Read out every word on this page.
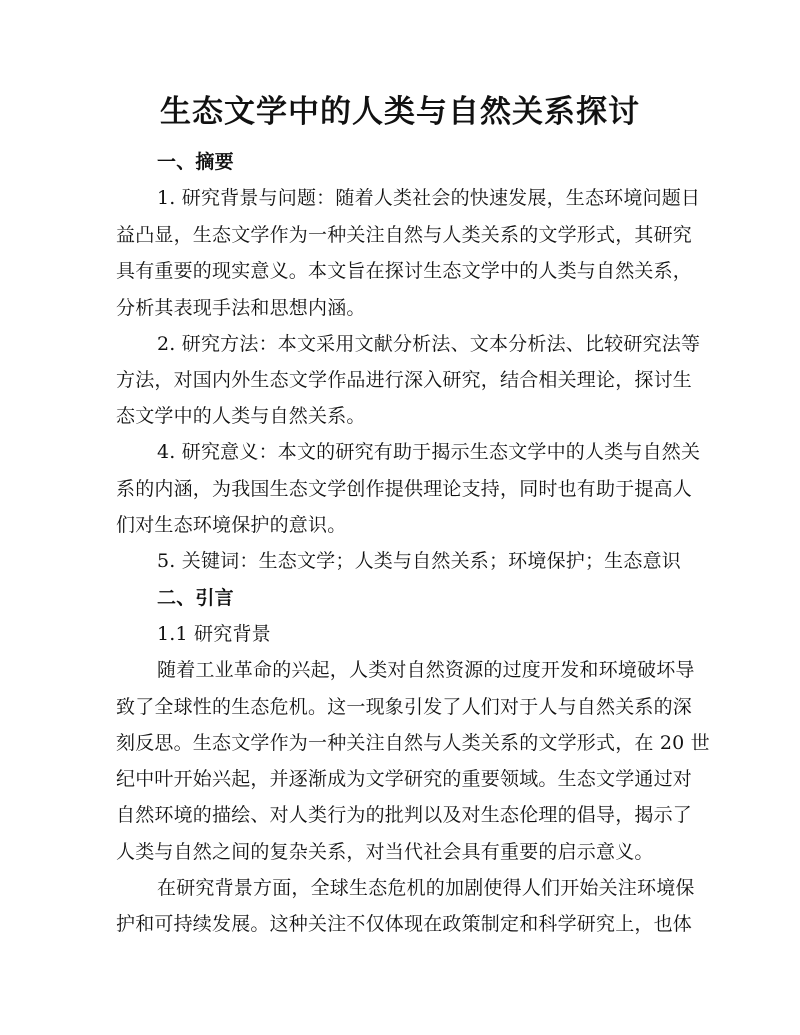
生态文学中的人类与自然关系探讨
一、摘要
1. 研究背景与问题：随着人类社会的快速发展，生态环境问题日
益凸显，生态文学作为一种关注自然与人类关系的文学形式，其研究
具有重要的现实意义。本文旨在探讨生态文学中的人类与自然关系，
分析其表现手法和思想内涵。
2. 研究方法：本文采用文献分析法、文本分析法、比较研究法等
方法，对国内外生态文学作品进行深入研究，结合相关理论，探讨生
态文学中的人类与自然关系。
4. 研究意义：本文的研究有助于揭示生态文学中的人类与自然关
系的内涵，为我国生态文学创作提供理论支持，同时也有助于提高人
们对生态环境保护的意识。
5. 关键词：生态文学；人类与自然关系；环境保护；生态意识
二、引言
1.1 研究背景
随着工业革命的兴起，人类对自然资源的过度开发和环境破坏导
致了全球性的生态危机。这一现象引发了人们对于人与自然关系的深
刻反思。生态文学作为一种关注自然与人类关系的文学形式，在 20 世
纪中叶开始兴起，并逐渐成为文学研究的重要领域。生态文学通过对
自然环境的描绘、对人类行为的批判以及对生态伦理的倡导，揭示了
人类与自然之间的复杂关系，对当代社会具有重要的启示意义。
在研究背景方面，全球生态危机的加剧使得人们开始关注环境保
护和可持续发展。这种关注不仅体现在政策制定和科学研究上，也体
